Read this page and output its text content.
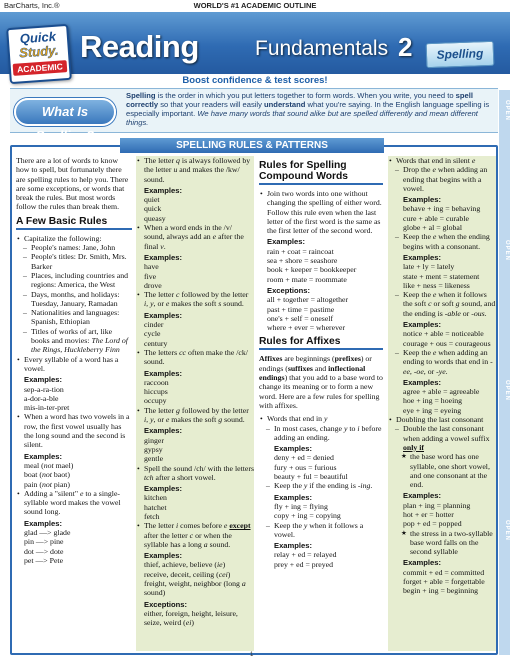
BarCharts, Inc.®	WORLD'S #1 ACADEMIC OUTLINE
Quick
Study.
ACADEMIC
Reading	Fundamentals 2	Spelling
Boost confidence & test scores!
OPEN
OPEN
OPEN
OPEN
What Is Spelling?
Spelling is the order in which you put letters together to form words. When you write, you need to spell correctly so that your readers will easily understand what you're saying. In the English language spelling is especially important. We have many words that sound alike but are spelled differently and mean different things.
There are a lot of words to know how to spell, but fortunately there are spelling rules to help you. There are some exceptions, or words that break the rules. But most words follow the rules than break them.
A Few Basic Rules
• Capitalize the following:
– People's names: Jane, John
– People's titles: Dr. Smith, Mrs. Barker
– Places, including countries and regions: America, the West
– Days, months, and holidays: Tuesday, January, Ramadan
– Nationalities and languages: Spanish, Ethiopian
– Titles of works of art, like books and movies: The Lord of the Rings, Huckleberry Finn
• Every syllable of a word has a vowel.
Examples:
sep-a-ra-tion
a-dor-a-ble
mis-in-ter-pret
• When a word has two vowels in a row, the first vowel usually has the long sound and the second is silent.
Examples:
meal (not mael)
boat (not baot)
pain (not pian)
• Adding a "silent" e to a single-syllable word makes the vowel sound long.
Examples:
glad —> glade
pin —> pine
dot —> dote
pet —> Pete
• The letter q is always followed by the letter u and makes the /kw/ sound.
Examples:
quiet
quick
queasy
• When a word ends in the /v/ sound, always add an e after the final v.
Examples:
have
five
drove
• The letter c followed by the letter i, y, or e makes the soft s sound.
Examples:
cinder
cycle
century
• The letters cc often make the /ck/ sound.
Examples:
raccoon
hiccups
occupy
• The letter g followed by the letter i, y, or e makes the soft g sound.
Examples:
ginger
gypsy
gentle
• Spell the sound /ch/ with the letters tch after a short vowel.
Examples:
kitchen
hatchet
fetch
• The letter i comes before e except after the letter c or when the syllable has a long a sound.
Examples:
thief, achieve, believe (ie)
receive, deceit, ceiling (cei)
freight, weight, neighbor (long a sound)
Exceptions:
either, foreign, height, leisure, seize, weird (ei)
Rules for Spelling Compound Words
• Join two words into one without changing the spelling of either word. Follow this rule even when the last letter of the first word is the same as the first letter of the second word.
Examples:
rain + coat = raincoat
sea + shore = seashore
book + keeper = bookkeeper
room + mate = roommate
Exceptions:
all + together = altogether
past + time = pastime
one's + self = oneself
where + ever = wherever
Rules for Affixes
Affixes are beginnings (prefixes) or endings (suffixes and inflectional endings) that you add to a base word to change its meaning or to form a new word. Here are a few rules for spelling with affixes.
• Words that end in y
– In most cases, change y to i before adding an ending.
Examples:
deny + ed = denied
fury + ous = furious
beauty + ful = beautiful
– Keep the y if the ending is -ing.
Examples:
fly + ing = flying
copy + ing = copying
– Keep the y when it follows a vowel.
Examples:
relay + ed = relayed
prey + ed = preyed
• Words that end in silent e
– Drop the e when adding an ending that begins with a vowel.
Examples:
behave + ing = behaving
cure + able = curable
globe + al = global
– Keep the e when the ending begins with a consonant.
Examples:
late + ly = lately
state + ment = statement
like + ness = likeness
– Keep the e when it follows the soft c or soft g sound, and the ending is -able or -ous.
Examples:
notice + able = noticeable
courage + ous = courageous
– Keep the e when adding an ending to words that end in -ee, -oe, or -ye.
Examples:
agree + able = agreeable
hoe + ing = hoeing
eye + ing = eyeing
• Doubling the last consonant
– Double the last consonant when adding a vowel suffix only if
★ the base word has one syllable, one short vowel, and one consonant at the end.
Examples:
plan + ing = planning
hot + er = hotter
pop + ed = popped
★ the stress in a two-syllable base word falls on the second syllable
Examples:
commit + ed = committed
forget + able = forgettable
begin + ing = beginning
SPELLING RULES & PATTERNS
1
